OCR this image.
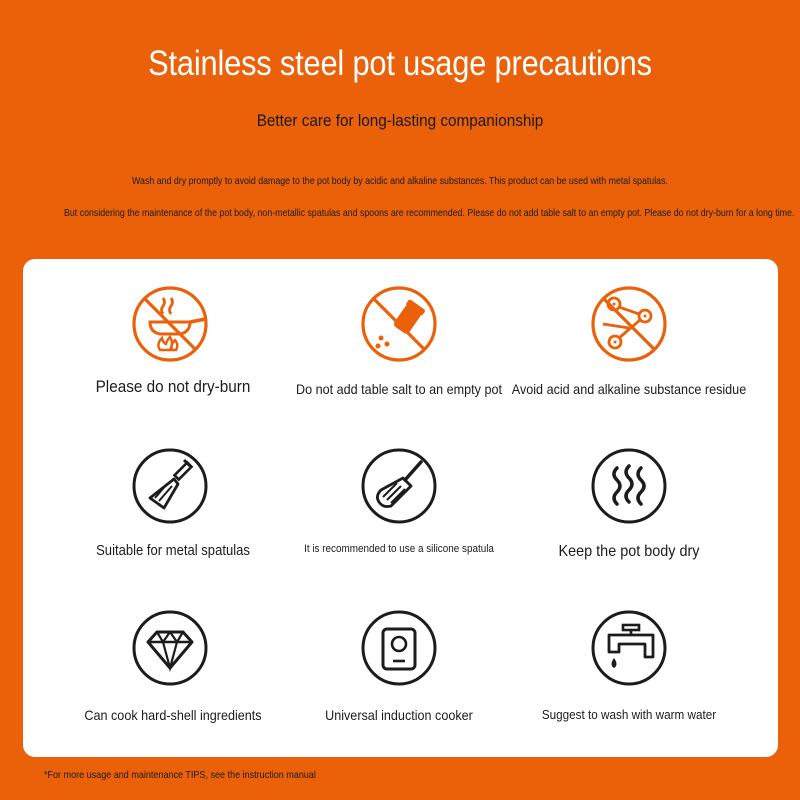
Stainless steel pot usage precautions
Better care for long-lasting companionship
Wash and dry promptly to avoid damage to the pot body by acidic and alkaline substances. This product can be used with metal spatulas.
But considering the maintenance of the pot body, non-metallic spatulas and spoons are recommended. Please do not add table salt to an empty pot. Please do not dry-burn for a long time.
Please do not dry-burn	Do not add table salt to an empty pot Avoid acid and alkaline substance residue
Suitable for metal spatulas	It is recommended to use a silicone spatula	Keep the pot body dry
Can cook hard-shell ingredients	Universal induction cooker	Suggest to wash with warm water
*For more usage and maintenance TIPS, see the instruction manual
